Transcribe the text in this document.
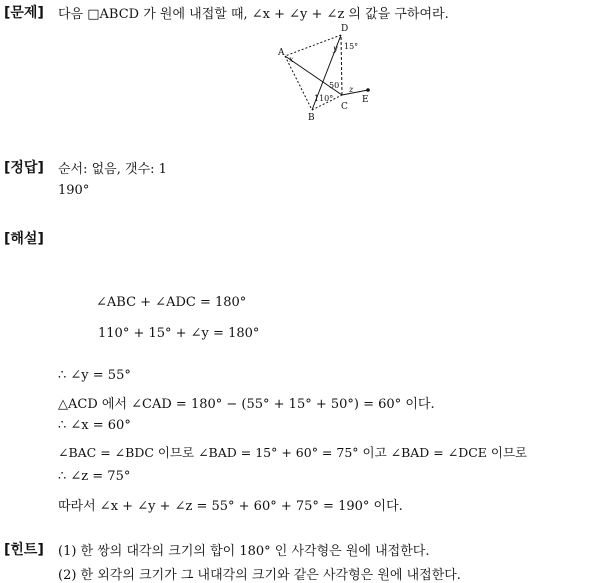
[문제] 다음 □ABCD 가 원에 내접할 때, ∠x + ∠y + ∠z 의 값을 구하여라.
A
B
C
D
E
x
y
z
15°
50
110°
[정답] 순서: 없음, 갯수: 1
190°
[해설]
∠ABC + ∠ADC = 180°
110° + 15° + ∠y = 180°
∴ ∠y = 55°
△ACD 에서 ∠CAD = 180° − (55° + 15° + 50°) = 60° 이다.
∴ ∠x = 60°
∠BAC = ∠BDC 이므로 ∠BAD = 15° + 60° = 75° 이고 ∠BAD = ∠DCE 이므로
∴ ∠z = 75°
따라서 ∠x + ∠y + ∠z = 55° + 60° + 75° = 190° 이다.
[힌트] (1) 한 쌍의 대각의 크기의 합이 180° 인 사각형은 원에 내접한다.
(2) 한 외각의 크기가 그 내대각의 크기와 같은 사각형은 원에 내접한다.
